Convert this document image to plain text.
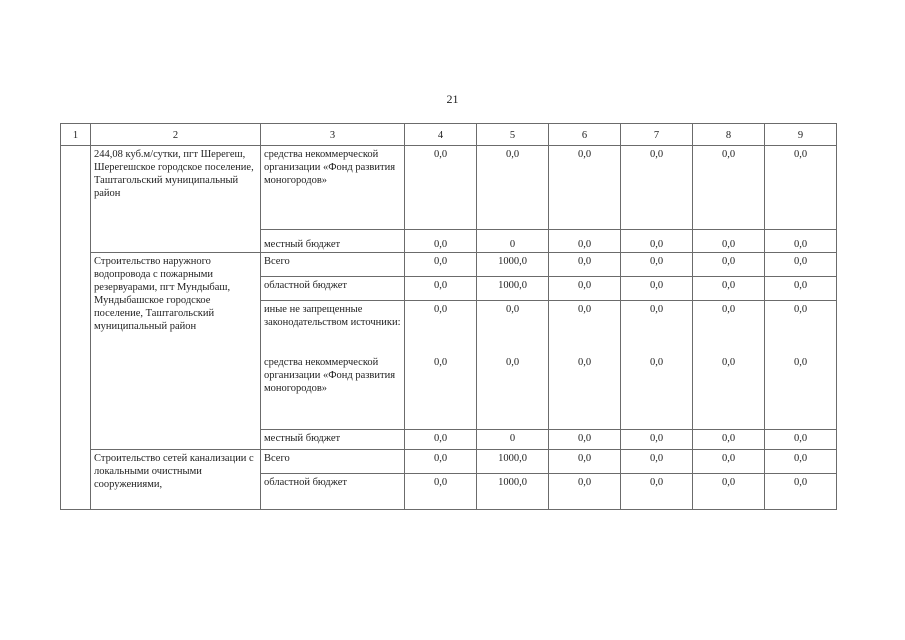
21
1	2	3	4	5	6	7	8	9

	244,08 куб.м/сутки, пгт Шерегеш, Шерегешское городское поселение, Таштагольский муниципальный район	средства некоммерческой организации «Фонд развития моногородов»	0,0	0,0	0,0	0,0	0,0	0,0
		местный бюджет	0,0	0	0,0	0,0	0,0	0,0
	Строительство наружного водопровода с пожарными резервуарами, пгт Мундыбаш, Мундыбашское городское поселение, Таштагольский муниципальный район	Всего	0,0	1000,0	0,0	0,0	0,0	0,0
		областной бюджет	0,0	1000,0	0,0	0,0	0,0	0,0
		иные не запрещенные законодательством источники:	0,0	0,0	0,0	0,0	0,0	0,0
		средства некоммерческой организации «Фонд развития моногородов»	0,0	0,0	0,0	0,0	0,0	0,0
		местный бюджет	0,0	0	0,0	0,0	0,0	0,0
	Строительство сетей канализации с локальными очистными сооружениями,	Всего	0,0	1000,0	0,0	0,0	0,0	0,0
		областной бюджет	0,0	1000,0	0,0	0,0	0,0	0,0
